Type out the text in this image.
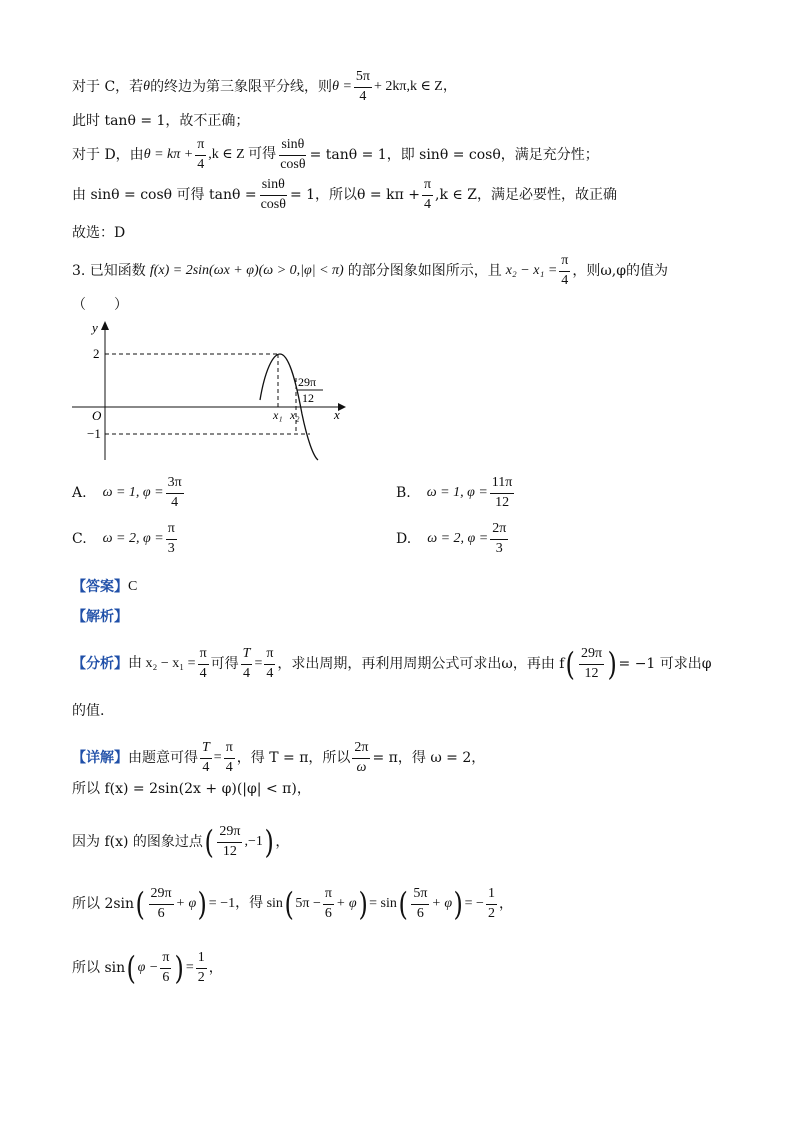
对于 C，若 θ 的终边为第三象限平分线，则 $\theta = \frac{5\pi}{4} + 2k\pi$ ,k ∈ Z，
此时 tanθ = 1，故不正确；
对于 D，由 $\theta = k\pi + \frac{\pi}{4} ,k$ ∈ Z 可得 $\frac{\sin\theta}{\cos\theta} = \tan\theta = 1$，即 sinθ = cosθ，满足充分性；
由 sinθ = cosθ 可得 $\tan\theta = \frac{\sin\theta}{\cos\theta} = 1$，所以$\theta = k\pi + \frac{\pi}{4} ,k$ ∈ Z，满足必要性，故正确
故选：D
3. 已知函数 f(x) = 2sin(ωx + φ)(ω > 0,|φ| < π) 的部分图象如图所示，且 $x_2 - x_1 = \frac{\pi}{4}$ ，则ω,φ的值为
（　　）
y
x
O
2
−1
29π
12
x₁ x₂
A. ω = 1, $\varphi = \frac{3\pi}{4}$	B. ω = 1, $\varphi = \frac{11\pi}{12}$
C. ω = 2, $\varphi = \frac{\pi}{3}$	D. ω = 2, $\varphi = \frac{2\pi}{3}$
【答案】 C
【解析】
【分析】 由 $x_2 - x_1 = \frac{\pi}{4}$ 可得 $\frac{T}{4} = \frac{\pi}{4}$ ，求出周期，再利用周期公式可求出ω，再由 f ( $\frac{29\pi}{12}$ ) = −1 可求出φ
的值.
【详解】 由题意可得 $\frac{T}{4} = \frac{\pi}{4}$ ，得 T = π，所以 $\frac{2\pi}{\omega} = \pi$，得 ω = 2，
所以 f(x) = 2sin(2x + φ)(|φ| < π)，
因为 f(x) 的图象过点 ( $\frac{29\pi}{12} ,-1$ ) ，
所以 2sin ( $\frac{29\pi}{6} + \varphi$ ) = −1，得 sin ( $5\pi - \frac{\pi}{6} + \varphi$ ) = sin ( $\frac{5\pi}{6} + \varphi$ ) = − $\frac{1}{2}$ ，
所以 sin ( $\varphi - \frac{\pi}{6}$ ) = $\frac{1}{2}$ ，
